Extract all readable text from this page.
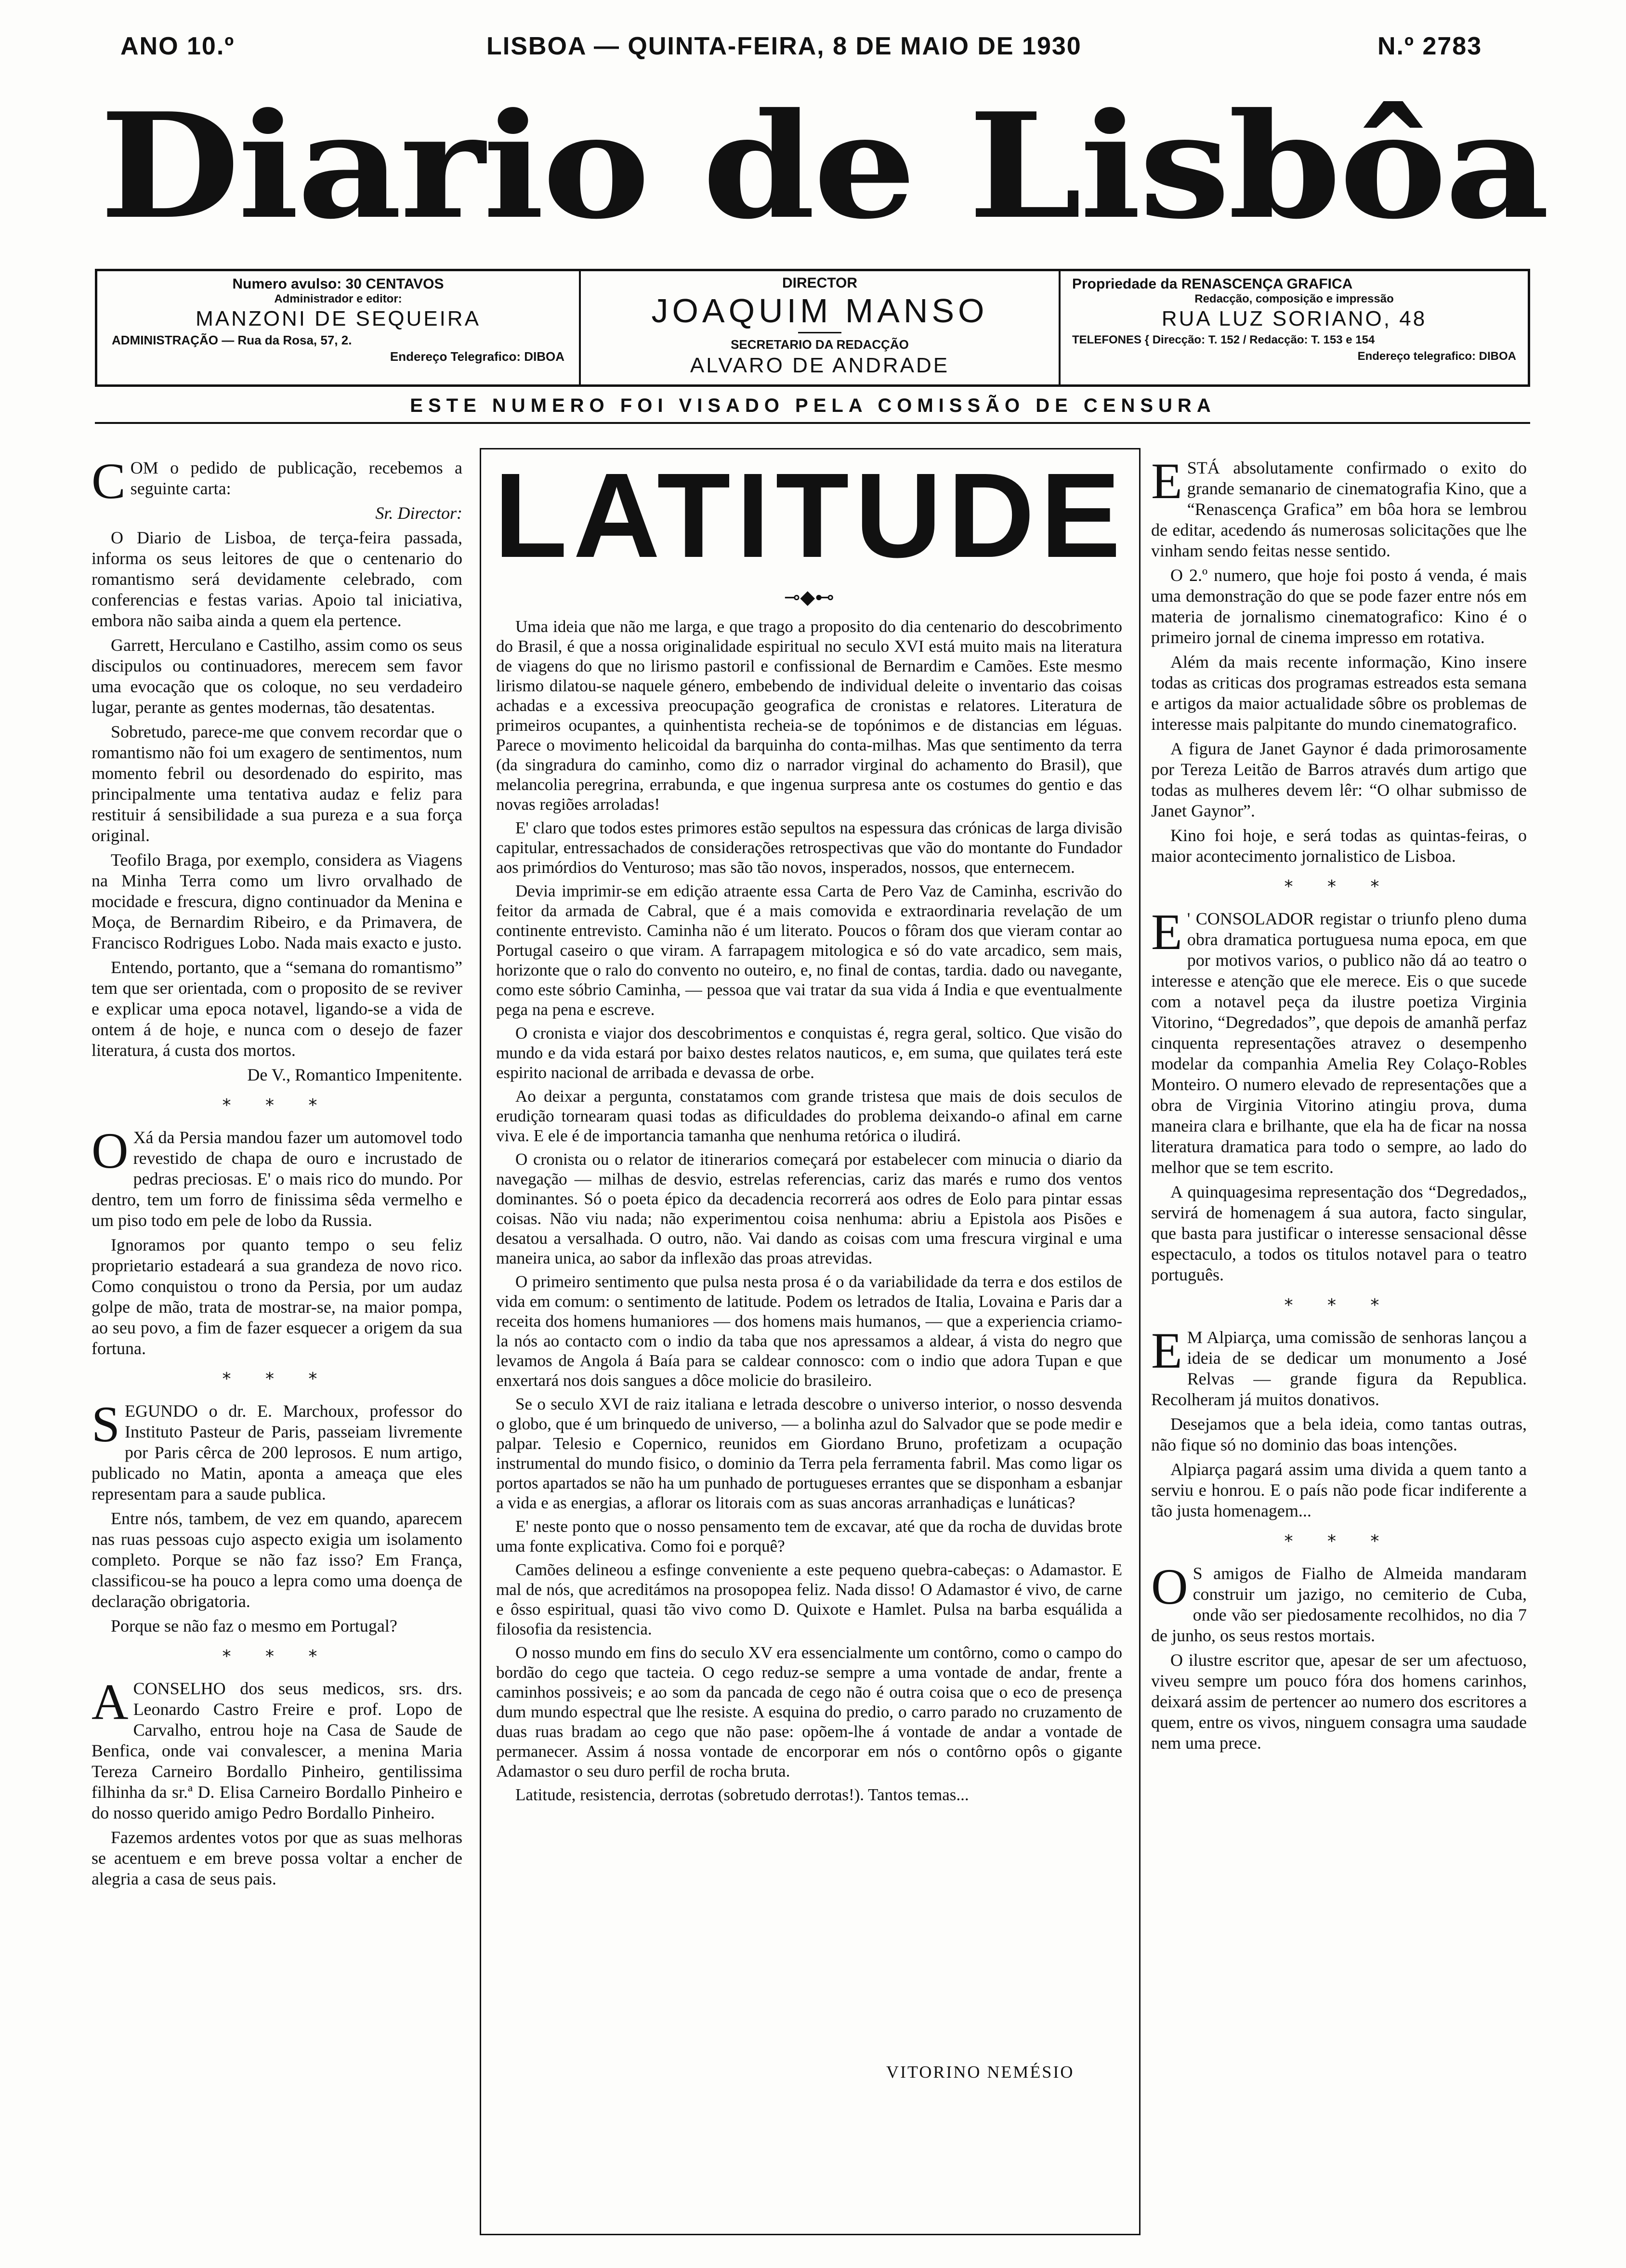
ANO 10.º	LISBOA — QUINTA-FEIRA, 8 DE MAIO DE 1930	N.º 2783
Diario de Lisbôa
Numero avulso: 30 CENTAVOS
Administrador e editor:
MANZONI DE SEQUEIRA
ADMINISTRAÇÃO — Rua da Rosa, 57, 2.
Endereço Telegrafico: DIBOA
DIRECTOR
JOAQUIM MANSO
SECRETARIO DA REDACÇÃO
ALVARO DE ANDRADE
Propriedade da RENASCENÇA GRAFICA
Redacção, composição e impressão
RUA LUZ SORIANO, 48
TELEFONES { Direcção: T. 152 / Redacção: T. 153 e 154
Endereço telegrafico: DIBOA
ESTE NUMERO FOI VISADO PELA COMISSÃO DE CENSURA

COM o pedido de publicação, recebemos a seguinte carta:

Sr. Director:

O Diario de Lisboa, de terça-feira passada, informa os seus leitores de que o centenario do romantismo será devidamente celebrado, com conferencias e festas varias. Apoio tal iniciativa, embora não saiba ainda a quem ela pertence.

Garrett, Herculano e Castilho, assim como os seus discipulos ou continuadores, merecem sem favor uma evocação que os coloque, no seu verdadeiro lugar, perante as gentes modernas, tão desatentas.

Sobretudo, parece-me que convem recordar que o romantismo não foi um exagero de sentimentos, num momento febril ou desordenado do espirito, mas principalmente uma tentativa audaz e feliz para restituir á sensibilidade a sua pureza e a sua força original.

Teofilo Braga, por exemplo, considera as Viagens na Minha Terra como um livro orvalhado de mocidade e frescura, digno continuador da Menina e Moça, de Bernardim Ribeiro, e da Primavera, de Francisco Rodrigues Lobo. Nada mais exacto e justo.

Entendo, portanto, que a “semana do romantismo” tem que ser orientada, com o proposito de se reviver e explicar uma epoca notavel, ligando-se a vida de ontem á de hoje, e nunca com o desejo de fazer literatura, á custa dos mortos.

De V., Romantico Impenitente.

* * *

O Xá da Persia mandou fazer um automovel todo revestido de chapa de ouro e incrustado de pedras preciosas. E' o mais rico do mundo. Por dentro, tem um forro de finissima sêda vermelho e um piso todo em pele de lobo da Russia.

Ignoramos por quanto tempo o seu feliz proprietario estadeará a sua grandeza de novo rico. Como conquistou o trono da Persia, por um audaz golpe de mão, trata de mostrar-se, na maior pompa, ao seu povo, a fim de fazer esquecer a origem da sua fortuna.

* * *

SEGUNDO o dr. E. Marchoux, professor do Instituto Pasteur de Paris, passeiam livremente por Paris cêrca de 200 leprosos. E num artigo, publicado no Matin, aponta a ameaça que eles representam para a saude publica.

Entre nós, tambem, de vez em quando, aparecem nas ruas pessoas cujo aspecto exigia um isolamento completo. Porque se não faz isso? Em França, classificou-se ha pouco a lepra como uma doença de declaração obrigatoria.

Porque se não faz o mesmo em Portugal?

* * *

ACONSELHO dos seus medicos, srs. drs. Leonardo Castro Freire e prof. Lopo de Carvalho, entrou hoje na Casa de Saude de Benfica, onde vai convalescer, a menina Maria Tereza Carneiro Bordallo Pinheiro, gentilissima filhinha da sr.ª D. Elisa Carneiro Bordallo Pinheiro e do nosso querido amigo Pedro Bordallo Pinheiro.

Fazemos ardentes votos por que as suas melhoras se acentuem e em breve possa voltar a encher de alegria a casa de seus pais.

LATITUDE
⊸◆⊷

Uma ideia que não me larga, e que trago a proposito do dia centenario do descobrimento do Brasil, é que a nossa originalidade espiritual no seculo XVI está muito mais na literatura de viagens do que no lirismo pastoril e confissional de Bernardim e Camões. Este mesmo lirismo dilatou-se naquele género, embebendo de individual deleite o inventario das coisas achadas e a excessiva preocupação geografica de cronistas e relatores. Literatura de primeiros ocupantes, a quinhentista recheia-se de topónimos e de distancias em léguas. Parece o movimento helicoidal da barquinha do conta-milhas. Mas que sentimento da terra (da singradura do caminho, como diz o narrador virginal do achamento do Brasil), que melancolia peregrina, errabunda, e que ingenua surpresa ante os costumes do gentio e das novas regiões arroladas!

E' claro que todos estes primores estão sepultos na espessura das crónicas de larga divisão capitular, entressachados de considerações retrospectivas que vão do montante do Fundador aos primórdios do Venturoso; mas são tão novos, insperados, nossos, que enternecem.

Devia imprimir-se em edição atraente essa Carta de Pero Vaz de Caminha, escrivão do feitor da armada de Cabral, que é a mais comovida e extraordinaria revelação de um continente entrevisto. Caminha não é um literato. Poucos o fôram dos que vieram contar ao Portugal caseiro o que viram. A farrapagem mitologica e só do vate arcadico, sem mais, horizonte que o ralo do convento no outeiro, e, no final de contas, tardia. dado ou navegante, como este sóbrio Caminha, — pessoa que vai tratar da sua vida á India e que eventualmente pega na pena e escreve.

O cronista e viajor dos descobrimentos e conquistas é, regra geral, soltico. Que visão do mundo e da vida estará por baixo destes relatos nauticos, e, em suma, que quilates terá este espirito nacional de arribada e devassa de orbe.

Ao deixar a pergunta, constatamos com grande tristesa que mais de dois seculos de erudição tornearam quasi todas as dificuldades do problema deixando-o afinal em carne viva. E ele é de importancia tamanha que nenhuma retórica o iludirá.

O cronista ou o relator de itinerarios começará por estabelecer com minucia o diario da navegação — milhas de desvio, estrelas referencias, cariz das marés e rumo dos ventos dominantes. Só o poeta épico da decadencia recorrerá aos odres de Eolo para pintar essas coisas. Não viu nada; não experimentou coisa nenhuma: abriu a Epistola aos Pisões e desatou a versalhada. O outro, não. Vai dando as coisas com uma frescura virginal e uma maneira unica, ao sabor da inflexão das proas atrevidas.

O primeiro sentimento que pulsa nesta prosa é o da variabilidade da terra e dos estilos de vida em comum: o sentimento de latitude. Podem os letrados de Italia, Lovaina e Paris dar a receita dos homens humaniores — dos homens mais humanos, — que a experiencia criamo-la nós ao contacto com o indio da taba que nos apressamos a aldear, á vista do negro que levamos de Angola á Baía para se caldear connosco: com o indio que adora Tupan e que enxertará nos dois sangues a dôce molicie do brasileiro.

Se o seculo XVI de raiz italiana e letrada descobre o universo interior, o nosso desvenda o globo, que é um brinquedo de universo, — a bolinha azul do Salvador que se pode medir e palpar. Telesio e Copernico, reunidos em Giordano Bruno, profetizam a ocupação instrumental do mundo fisico, o dominio da Terra pela ferramenta fabril. Mas como ligar os portos apartados se não ha um punhado de portugueses errantes que se disponham a esbanjar a vida e as energias, a aflorar os litorais com as suas ancoras arranhadiças e lunáticas?

E' neste ponto que o nosso pensamento tem de excavar, até que da rocha de duvidas brote uma fonte explicativa. Como foi e porquê?

Camões delineou a esfinge conveniente a este pequeno quebra-cabeças: o Adamastor. E mal de nós, que acreditámos na prosopopea feliz. Nada disso! O Adamastor é vivo, de carne e ôsso espiritual, quasi tão vivo como D. Quixote e Hamlet. Pulsa na barba esquálida a filosofia da resistencia.

O nosso mundo em fins do seculo XV era essencialmente um contôrno, como o campo do bordão do cego que tacteia. O cego reduz-se sempre a uma vontade de andar, frente a caminhos possiveis; e ao som da pancada de cego não é outra coisa que o eco de presença dum mundo espectral que lhe resiste. A esquina do predio, o carro parado no cruzamento de duas ruas bradam ao cego que não pase: opõem-lhe á vontade de andar a vontade de permanecer. Assim á nossa vontade de encorporar em nós o contôrno opôs o gigante Adamastor o seu duro perfil de rocha bruta.

Latitude, resistencia, derrotas (sobretudo derrotas!). Tantos temas...

VITORINO NEMÉSIO

ESTÁ absolutamente confirmado o exito do grande semanario de cinematografia Kino, que a “Renascença Grafica” em bôa hora se lembrou de editar, acedendo ás numerosas solicitações que lhe vinham sendo feitas nesse sentido.

O 2.º numero, que hoje foi posto á venda, é mais uma demonstração do que se pode fazer entre nós em materia de jornalismo cinematografico: Kino é o primeiro jornal de cinema impresso em rotativa.

Além da mais recente informação, Kino insere todas as criticas dos programas estreados esta semana e artigos da maior actualidade sôbre os problemas de interesse mais palpitante do mundo cinematografico.

A figura de Janet Gaynor é dada primorosamente por Tereza Leitão de Barros através dum artigo que todas as mulheres devem lêr: “O olhar submisso de Janet Gaynor”.

Kino foi hoje, e será todas as quintas-feiras, o maior acontecimento jornalistico de Lisboa.

* * *

E ' CONSOLADOR registar o triunfo pleno duma obra dramatica portuguesa numa epoca, em que por motivos varios, o publico não dá ao teatro o interesse e atenção que ele merece. Eis o que sucede com a notavel peça da ilustre poetiza Virginia Vitorino, “Degredados”, que depois de amanhã perfaz cinquenta representações atravez o desempenho modelar da companhia Amelia Rey Colaço-Robles Monteiro. O numero elevado de representações que a obra de Virginia Vitorino atingiu prova, duma maneira clara e brilhante, que ela ha de ficar na nossa literatura dramatica para todo o sempre, ao lado do melhor que se tem escrito.

A quinquagesima representação dos “Degredados„ servirá de homenagem á sua autora, facto singular, que basta para justificar o interesse sensacional dêsse espectaculo, a todos os titulos notavel para o teatro português.

* * *

E M Alpiarça, uma comissão de senhoras lançou a ideia de se dedicar um monumento a José Relvas — grande figura da Republica. Recolheram já muitos donativos.

Desejamos que a bela ideia, como tantas outras, não fique só no dominio das boas intenções.

Alpiarça pagará assim uma divida a quem tanto a serviu e honrou. E o país não pode ficar indiferente a tão justa homenagem...

* * *

O S amigos de Fialho de Almeida mandaram construir um jazigo, no cemiterio de Cuba, onde vão ser piedosamente recolhidos, no dia 7 de junho, os seus restos mortais.

O ilustre escritor que, apesar de ser um afectuoso, viveu sempre um pouco fóra dos homens carinhos, deixará assim de pertencer ao numero dos escritores a quem, entre os vivos, ninguem consagra uma saudade nem uma prece.
